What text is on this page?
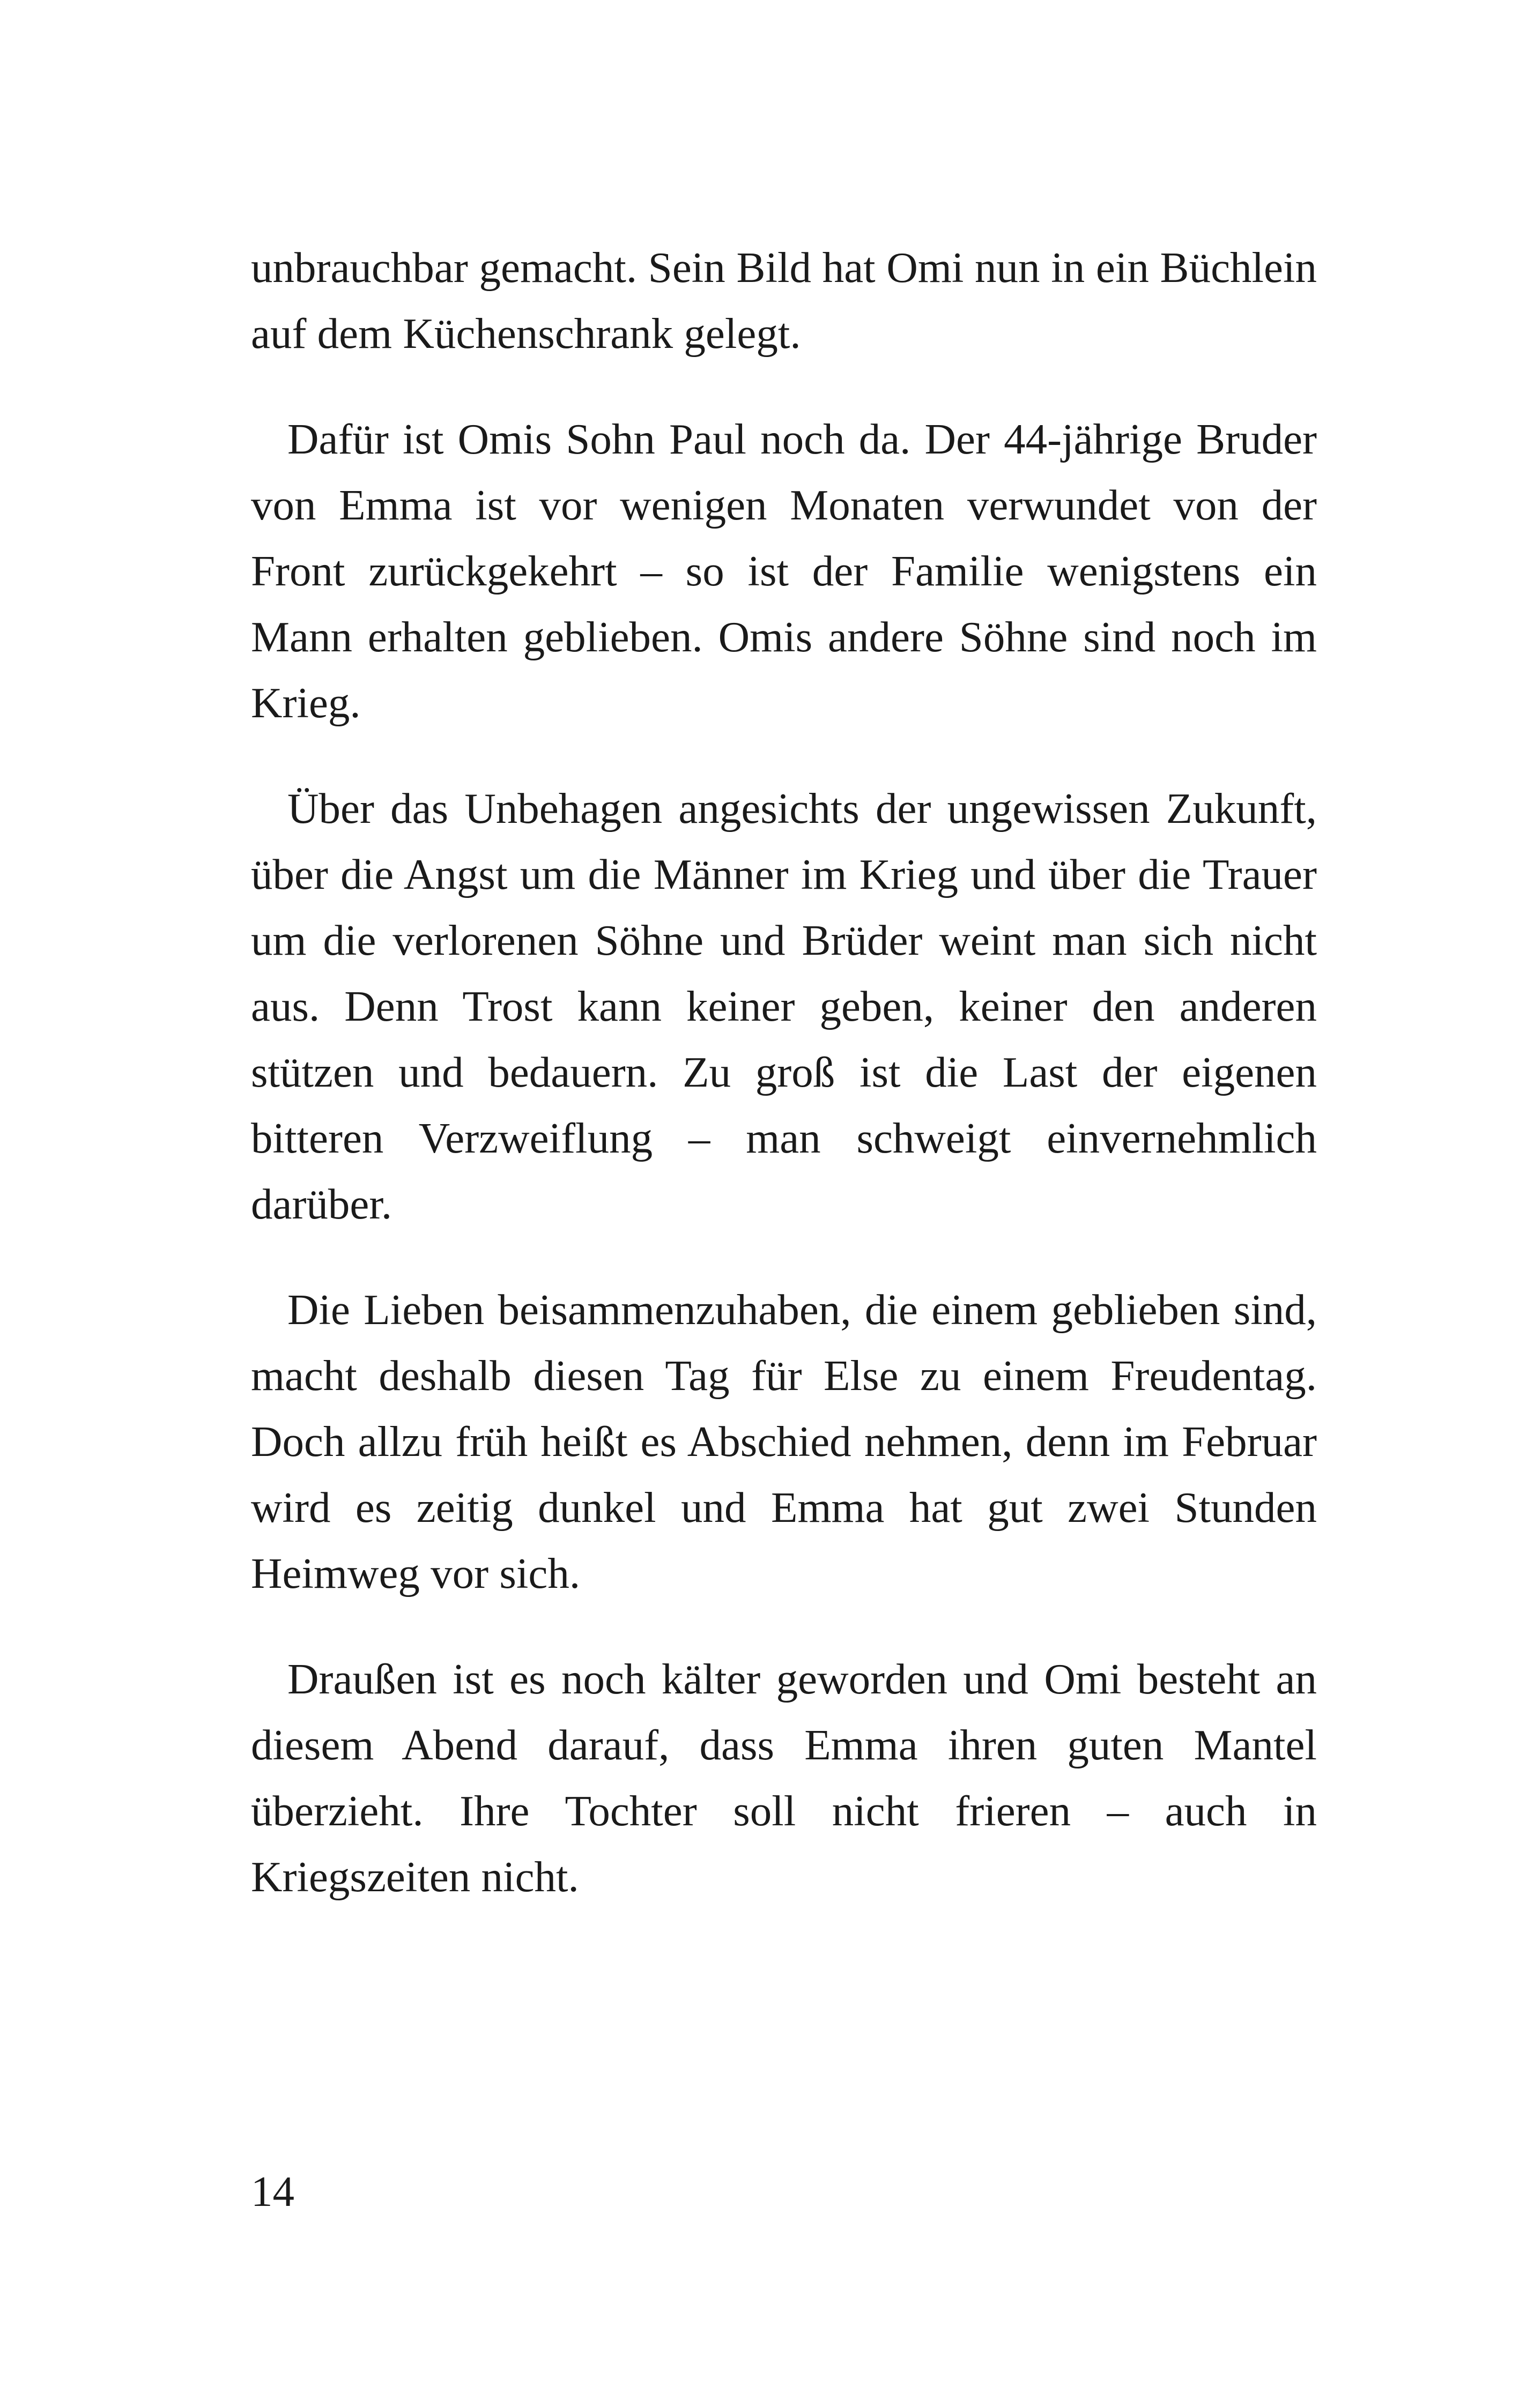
unbrauchbar gemacht. Sein Bild hat Omi nun in ein Büchlein auf dem Küchenschrank gelegt.

Dafür ist Omis Sohn Paul noch da. Der 44-jährige Bruder von Emma ist vor wenigen Monaten verwundet von der Front zurückgekehrt – so ist der Familie wenigstens ein Mann erhalten geblieben. Omis andere Söhne sind noch im Krieg.

Über das Unbehagen angesichts der ungewissen Zukunft, über die Angst um die Männer im Krieg und über die Trauer um die verlorenen Söhne und Brüder weint man sich nicht aus. Denn Trost kann keiner geben, keiner den anderen stützen und bedauern. Zu groß ist die Last der eigenen bitteren Verzweiflung – man schweigt einvernehmlich darüber.

Die Lieben beisammenzuhaben, die einem geblieben sind, macht deshalb diesen Tag für Else zu einem Freudentag. Doch allzu früh heißt es Abschied nehmen, denn im Februar wird es zeitig dunkel und Emma hat gut zwei Stunden Heimweg vor sich.

Draußen ist es noch kälter geworden und Omi besteht an diesem Abend darauf, dass Emma ihren guten Mantel überzieht. Ihre Tochter soll nicht frieren – auch in Kriegszeiten nicht.

14
